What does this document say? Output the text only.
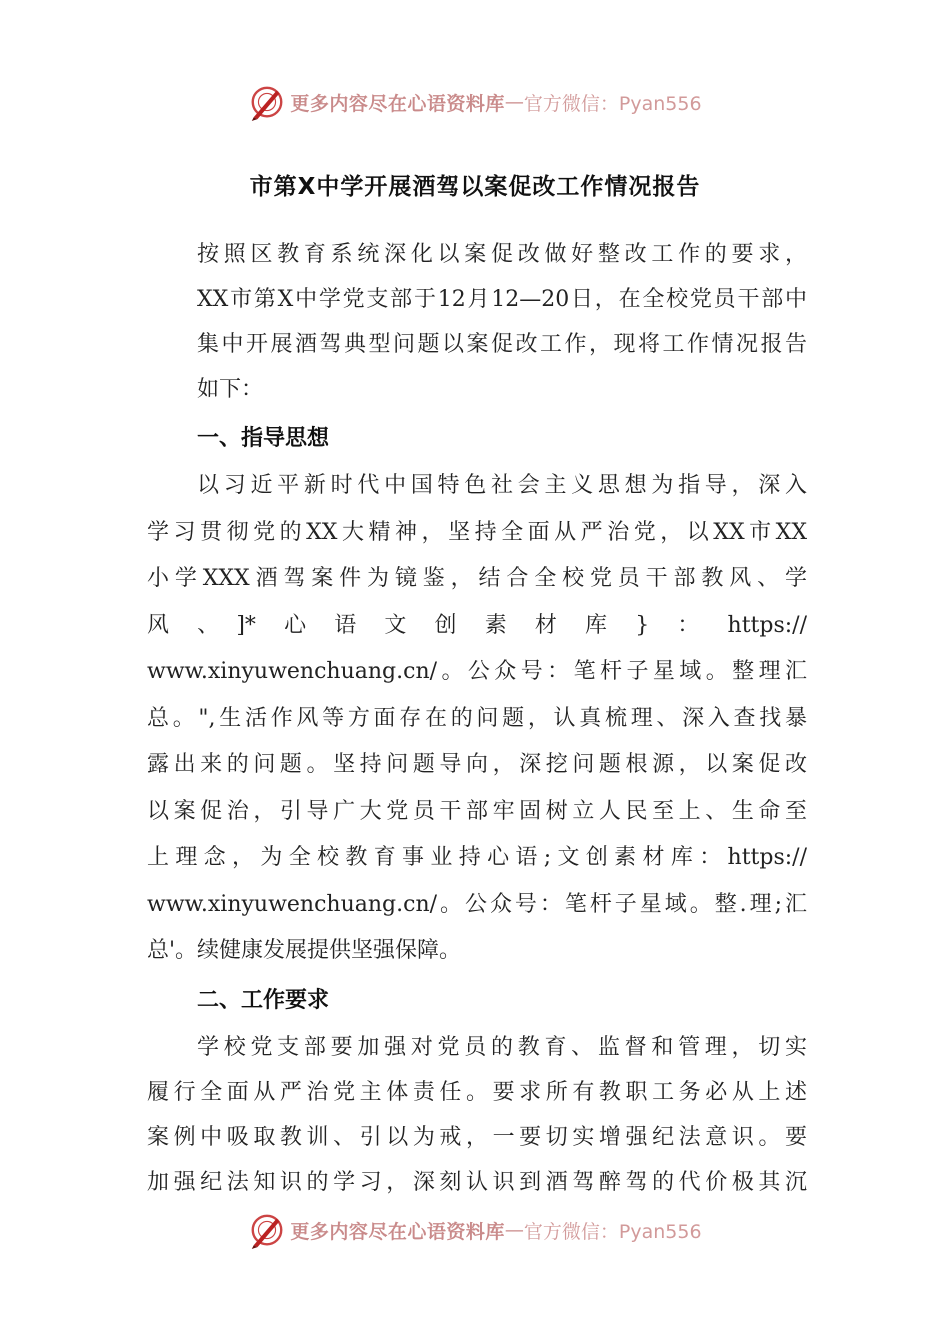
更多内容尽在心语资料库 — 官方微信：Pyan556
市第X中学开展酒驾以案促改工作情况报告
按照区教育系统深化以案促改做好整改工作的要求，
XX市第X中学党支部于12月12—20日，在全校党员干部中
集中开展酒驾典型问题以案促改工作，现将工作情况报告
如下：
一、指导思想
以习近平新时代中国特色社会主义思想为指导，深入
学习贯彻党的XX大精神，坚持全面从严治党，以XX市XX
小学XXX酒驾案件为镜鉴，结合全校党员干部教风、学
风、]*心语文创素材库}：https://
www.xinyuwenchuang.cn/。公众号：笔杆子星域。整理汇
总。",生活作风等方面存在的问题，认真梳理、深入查找暴
露出来的问题。坚持问题导向，深挖问题根源，以案促改
以案促治，引导广大党员干部牢固树立人民至上、生命至
上理念，为全校教育事业持心语;文创素材库：https://
www.xinyuwenchuang.cn/。公众号：笔杆子星域。整.理;汇
总'。续健康发展提供坚强保障。
二、工作要求
学校党支部要加强对党员的教育、监督和管理，切实
履行全面从严治党主体责任。要求所有教职工务必从上述
案例中吸取教训、引以为戒，一要切实增强纪法意识。要
加强纪法知识的学习，深刻认识到酒驾醉驾的代价极其沉
更多内容尽在心语资料库 — 官方微信：Pyan556
